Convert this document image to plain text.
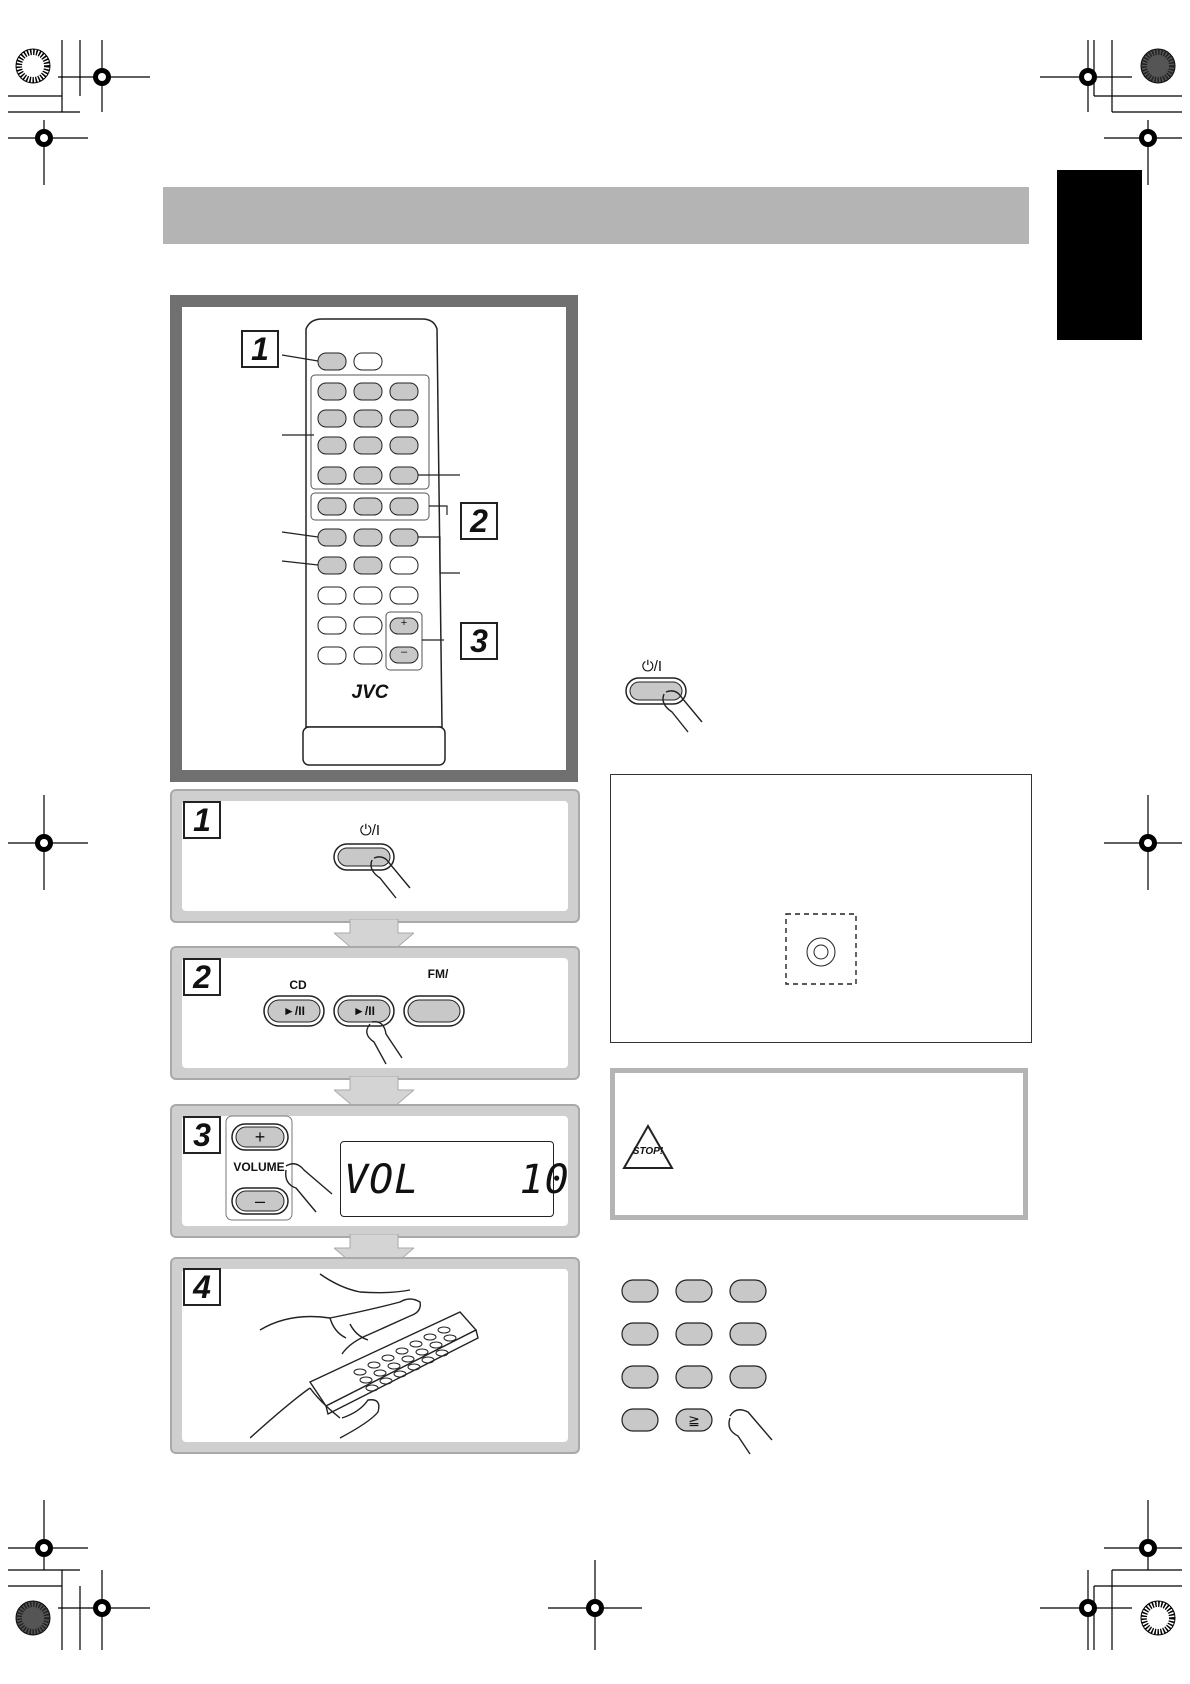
JVC
1
2
3
+
–
1	⏻/I
2	CD
FM/
►/II	►/II
3	+
–
VOLUME VOL    10
4
⏻/I
STOP!
≧
